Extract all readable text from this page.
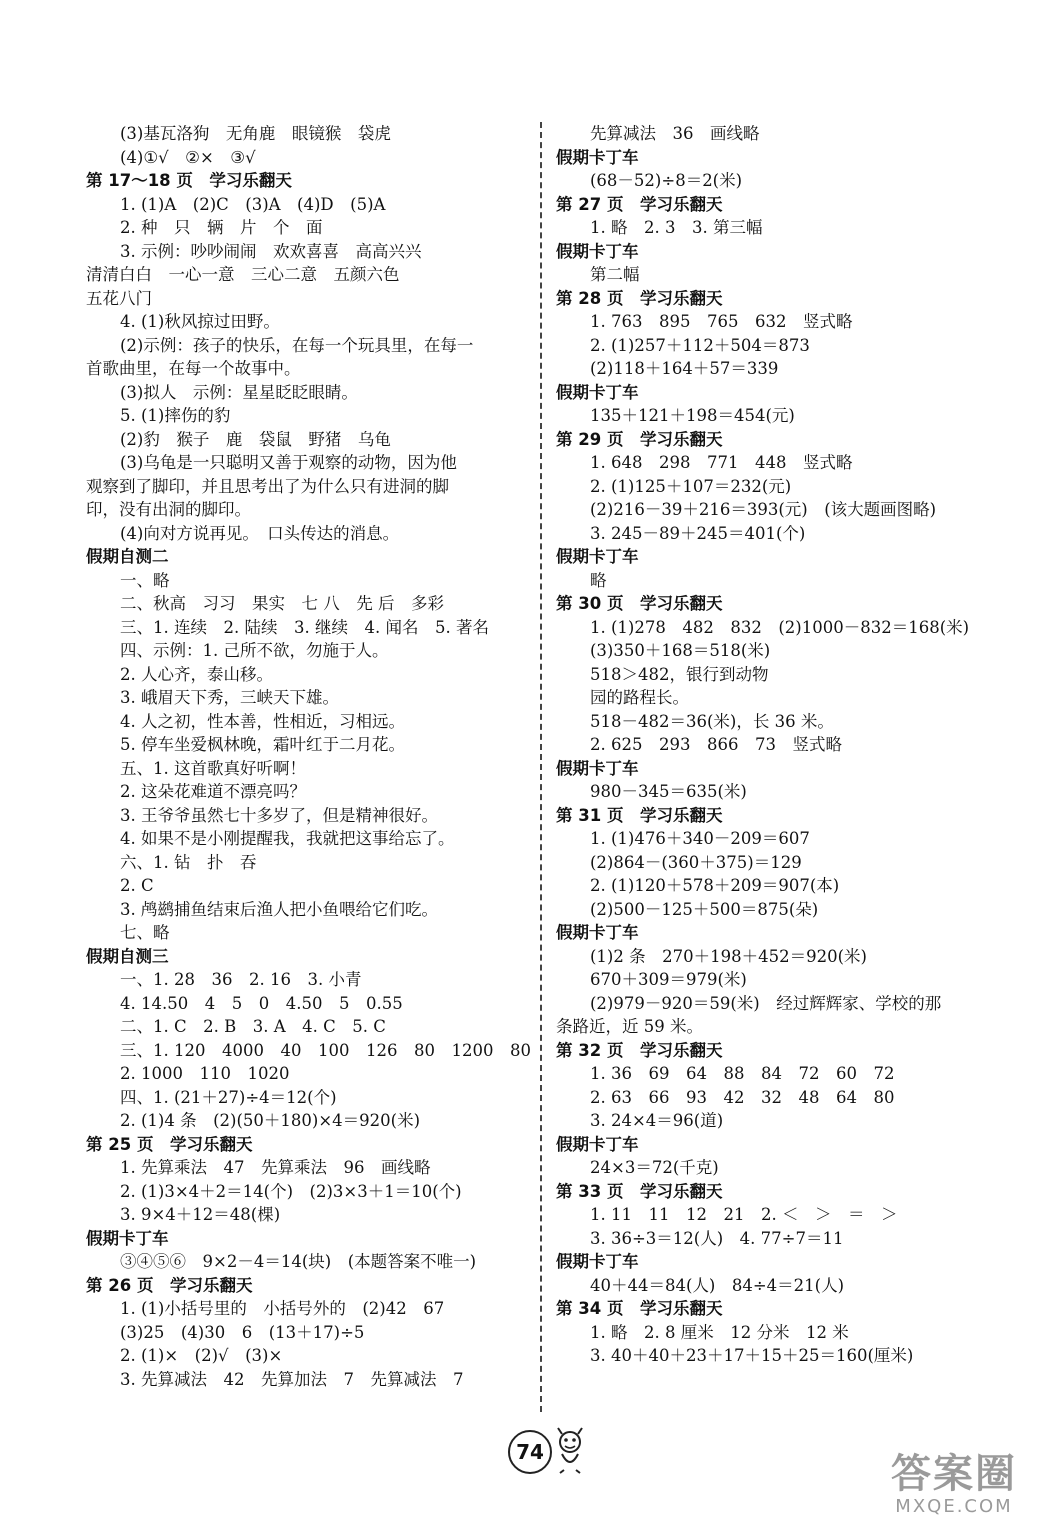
(3)基瓦洛狗　无角鹿　眼镜猴　袋虎
(4)①√　②×　③√
第 17～18 页　学习乐翻天
1. (1)A　(2)C　(3)A　(4)D　(5)A
2. 种　只　辆　片　个　面
3. 示例：吵吵闹闹　欢欢喜喜　高高兴兴
清清白白　一心一意　三心二意　五颜六色
五花八门
4. (1)秋风掠过田野。
(2)示例：孩子的快乐，在每一个玩具里，在每一
首歌曲里，在每一个故事中。
(3)拟人　示例：星星眨眨眼睛。
5. (1)摔伤的豹
(2)豹　猴子　鹿　袋鼠　野猪　乌龟
(3)乌龟是一只聪明又善于观察的动物，因为他
观察到了脚印，并且思考出了为什么只有进洞的脚
印，没有出洞的脚印。
(4)向对方说再见。　口头传达的消息。
假期自测二
一、略
二、秋高　习习　果实　七 八　先 后　多彩
三、1. 连续　2. 陆续　3. 继续　4. 闻名　5. 著名
四、示例：1. 己所不欲，勿施于人。
2. 人心齐，泰山移。
3. 峨眉天下秀，三峡天下雄。
4. 人之初，性本善，性相近，习相远。
5. 停车坐爱枫林晚，霜叶红于二月花。
五、1. 这首歌真好听啊！
2. 这朵花难道不漂亮吗？
3. 王爷爷虽然七十多岁了，但是精神很好。
4. 如果不是小刚提醒我，我就把这事给忘了。
六、1. 钻　扑　吞
2. C
3. 鸬鹚捕鱼结束后渔人把小鱼喂给它们吃。
七、略
假期自测三
一、1. 28　36　2. 16　3. 小青
4. 14.50　4　5　0　4.50　5　0.55
二、1. C　2. B　3. A　4. C　5. C
三、1. 120　4000　40　100　126　80　1200　80
2. 1000　110　1020
四、1. (21＋27)÷4＝12(个)
2. (1)4 条　(2)(50＋180)×4＝920(米)
第 25 页　学习乐翻天
1. 先算乘法　47　先算乘法　96　画线略
2. (1)3×4＋2＝14(个)　(2)3×3＋1＝10(个)
3. 9×4＋12＝48(棵)
假期卡丁车
③④⑤⑥　9×2－4＝14(块)　(本题答案不唯一)
第 26 页　学习乐翻天
1. (1)小括号里的　小括号外的　(2)42　67
(3)25　(4)30　6　(13＋17)÷5
2. (1)×　(2)√　(3)×
3. 先算减法　42　先算加法　7　先算减法　7
先算减法　36　画线略
假期卡丁车
(68－52)÷8＝2(米)
第 27 页　学习乐翻天
1. 略　2. 3　3. 第三幅
假期卡丁车
第二幅
第 28 页　学习乐翻天
1. 763　895　765　632　竖式略
2. (1)257＋112＋504＝873
(2)118＋164＋57＝339
假期卡丁车
135＋121＋198＝454(元)
第 29 页　学习乐翻天
1. 648　298　771　448　竖式略
2. (1)125＋107＝232(元)
(2)216－39＋216＝393(元)　(该大题画图略)
3. 245－89＋245＝401(个)
假期卡丁车
略
第 30 页　学习乐翻天
1. (1)278　482　832　(2)1000－832＝168(米)
(3)350＋168＝518(米)
518＞482，银行到动物
园的路程长。
518－482＝36(米)，长 36 米。
2. 625　293　866　73　竖式略
假期卡丁车
980－345＝635(米)
第 31 页　学习乐翻天
1. (1)476＋340－209＝607
(2)864－(360＋375)＝129
2. (1)120＋578＋209＝907(本)
(2)500－125＋500＝875(朵)
假期卡丁车
(1)2 条　270＋198＋452＝920(米)
670＋309＝979(米)
(2)979－920＝59(米)　经过辉辉家、学校的那
条路近，近 59 米。
第 32 页　学习乐翻天
1. 36　69　64　88　84　72　60　72
2. 63　66　93　42　32　48　64　80
3. 24×4＝96(道)
假期卡丁车
24×3＝72(千克)
第 33 页　学习乐翻天
1. 11　11　12　21　2. ＜　＞　＝　＞
3. 36÷3＝12(人)　4. 77÷7＝11
假期卡丁车
40＋44＝84(人)　84÷4＝21(人)
第 34 页　学习乐翻天
1. 略　2. 8 厘米　12 分米　12 米
3. 40＋40＋23＋17＋15＋25＝160(厘米)
74	答案圈
MXQE.COM
